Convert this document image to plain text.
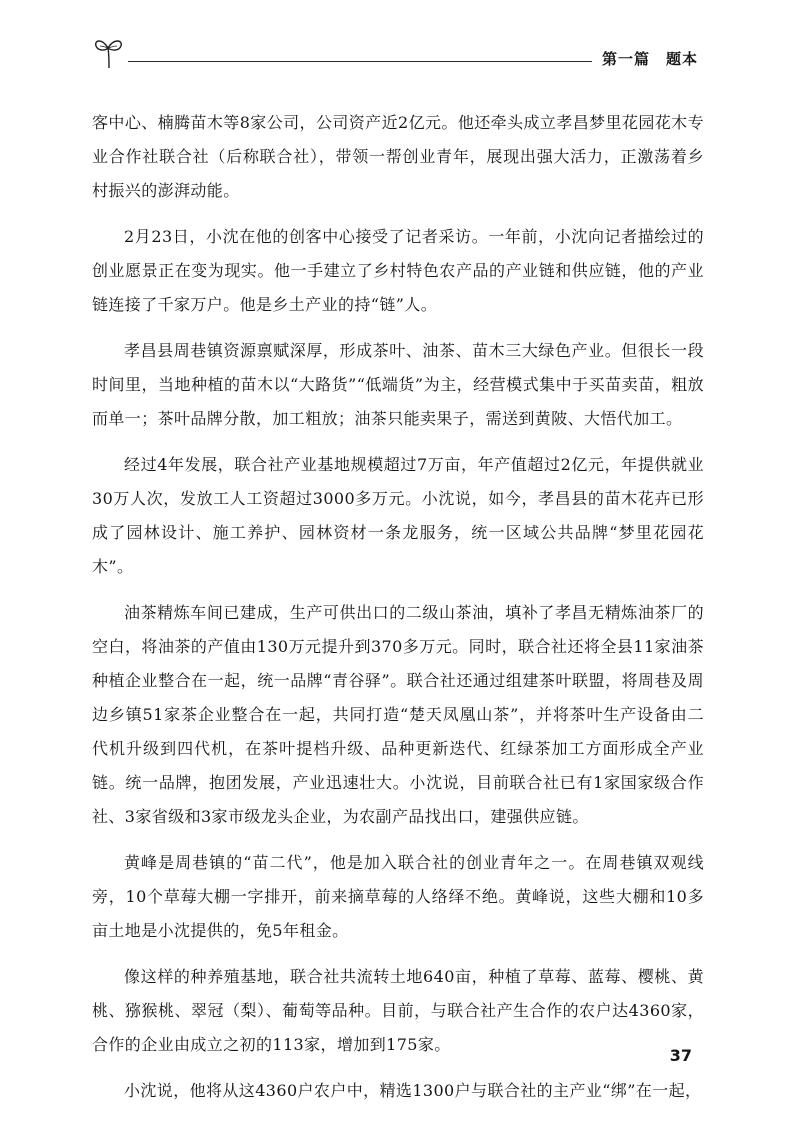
第一篇　题本

客中心、楠腾苗木等8家公司，公司资产近2亿元。他还牵头成立孝昌梦里花园花木专业合作社联合社（后称联合社），带领一帮创业青年，展现出强大活力，正激荡着乡村振兴的澎湃动能。

2月23日，小沈在他的创客中心接受了记者采访。一年前，小沈向记者描绘过的创业愿景正在变为现实。他一手建立了乡村特色农产品的产业链和供应链，他的产业链连接了千家万户。他是乡土产业的持“链”人。

孝昌县周巷镇资源禀赋深厚，形成茶叶、油茶、苗木三大绿色产业。但很长一段时间里，当地种植的苗木以“大路货”“低端货”为主，经营模式集中于买苗卖苗，粗放而单一；茶叶品牌分散，加工粗放；油茶只能卖果子，需送到黄陂、大悟代加工。

经过4年发展，联合社产业基地规模超过7万亩，年产值超过2亿元，年提供就业30万人次，发放工人工资超过3000多万元。小沈说，如今，孝昌县的苗木花卉已形成了园林设计、施工养护、园林资材一条龙服务，统一区域公共品牌“梦里花园花木”。

油茶精炼车间已建成，生产可供出口的二级山茶油，填补了孝昌无精炼油茶厂的空白，将油茶的产值由130万元提升到370多万元。同时，联合社还将全县11家油茶种植企业整合在一起，统一品牌“青谷驿”。联合社还通过组建茶叶联盟，将周巷及周边乡镇51家茶企业整合在一起，共同打造“楚天凤凰山茶”，并将茶叶生产设备由二代机升级到四代机，在茶叶提档升级、品种更新迭代、红绿茶加工方面形成全产业链。统一品牌，抱团发展，产业迅速壮大。小沈说，目前联合社已有1家国家级合作社、3家省级和3家市级龙头企业，为农副产品找出口，建强供应链。

黄峰是周巷镇的“苗二代”，他是加入联合社的创业青年之一。在周巷镇双观线旁，10个草莓大棚一字排开，前来摘草莓的人络绎不绝。黄峰说，这些大棚和10多亩土地是小沈提供的，免5年租金。

像这样的种养殖基地，联合社共流转土地640亩，种植了草莓、蓝莓、樱桃、黄桃、猕猴桃、翠冠（梨）、葡萄等品种。目前，与联合社产生合作的农户达4360家，合作的企业由成立之初的113家，增加到175家。

小沈说，他将从这4360户农户中，精选1300户与联合社的主产业“绑”在一起，

37
